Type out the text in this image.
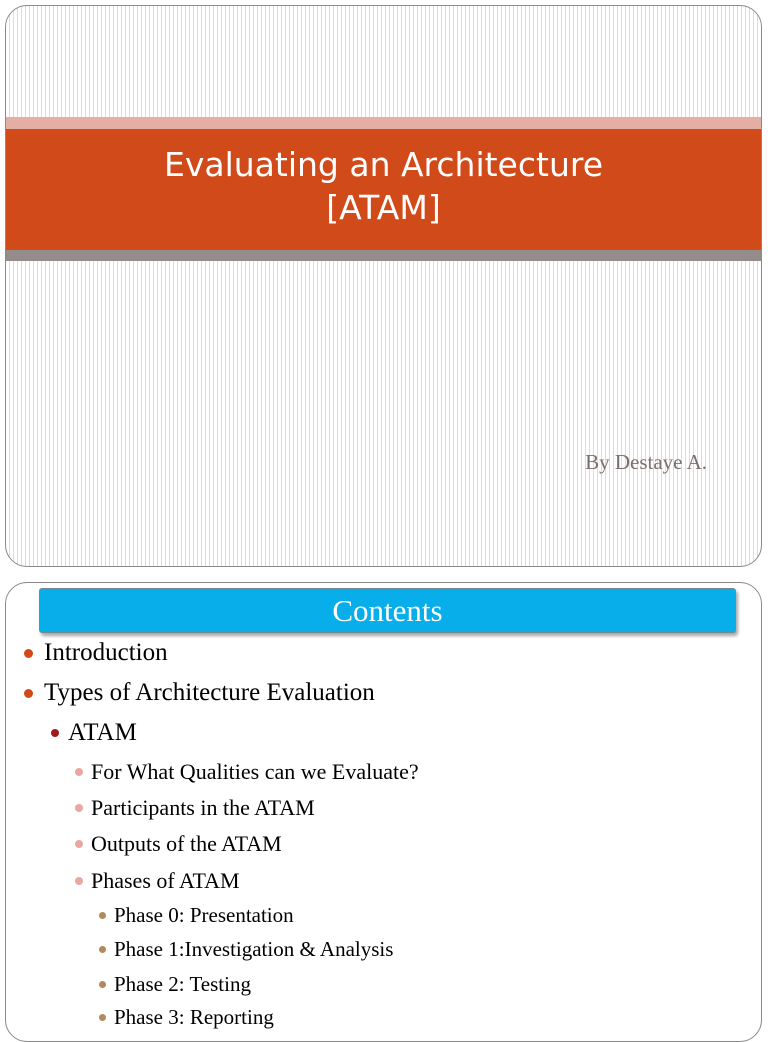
Evaluating an Architecture
[ATAM]
By Destaye A.
Contents
Introduction
Types of Architecture Evaluation
ATAM
For What Qualities can we Evaluate?
Participants in the ATAM
Outputs of the ATAM
Phases of ATAM
Phase 0: Presentation
Phase 1:Investigation & Analysis
Phase 2: Testing
Phase 3: Reporting
